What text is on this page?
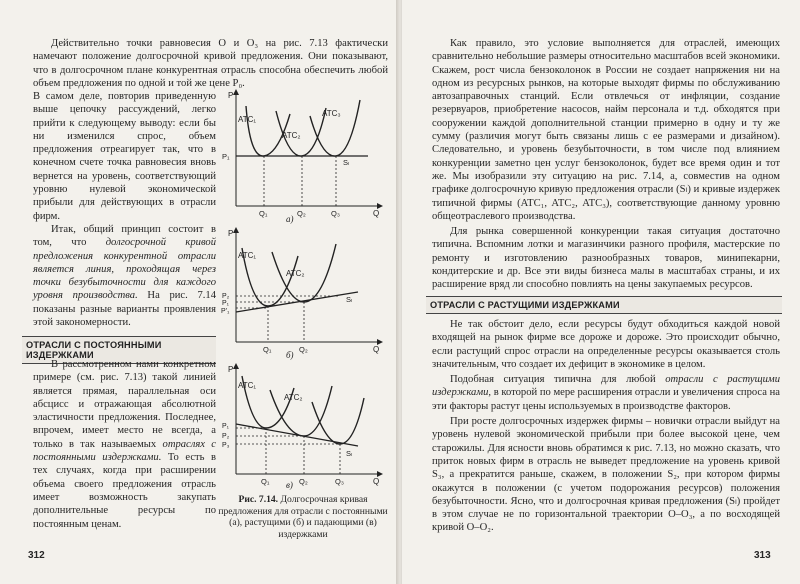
Действительно точки равновесия O и O₃ на рис. 7.13 фактически намечают положение долгосрочной кривой предложения. Они показывают, что в долгосрочном плане конкурентная отрасль способна обеспечить любой объем предложения по одной и той же цене P₀.

В самом деле, повторив приведенную выше цепочку рассуждений, легко прийти к следующему выводу: если бы ни изменился спрос, объем предложения отреагирует так, что в конечном счете точка равновесия вновь вернется на уровень, соответствующий уровню нулевой экономической прибыли для действующих в отрасли фирм.

Итак, общий принцип состоит в том, что долгосрочной кривой предложения конкурентной отрасли является линия, проходящая через точки безубыточности для каждого уровня производства. На рис. 7.14 показаны разные варианты проявления этой закономерности.

ОТРАСЛИ С ПОСТОЯННЫМИ ИЗДЕРЖКАМИ

В рассмотренном нами конкретном примере (см. рис. 7.13) такой линией является прямая, параллельная оси абсцисс и отражающая абсолютной эластичности предложения. Последнее, впрочем, имеет место не всегда, а только в так называемых отраслях с постоянными издержками. То есть в тех случаях, когда при расширении объема своего предложения отрасль имеет возможность закупать дополнительные ресурсы по постоянным ценам.

P
Q
P₁
Sₗ
ATC₁
ATC₂
ATC₃
Q₁	Q₂	Q₃
а)
P
Q
Sₗ
ATC₁
ATC₂
P₂
P₁
P'₁
Q₁	Q₂
б)
P
Q
Sₗ
ATC₁
ATC₂
P₁
P₂
P₃
Q₁	Q₂	Q₃
в)
Рис. 7.14. Долгосрочная кривая предложения для отрасли с постоянными (а), растущими (б) и падающими (в) издержками
312

Как правило, это условие выполняется для отраслей, имеющих сравнительно небольшие размеры относительно масштабов всей экономики. Скажем, рост числа бензоколонок в России не создает напряжения ни на одном из ресурсных рынков, на которые выходят фирмы по обслуживанию автозаправочных станций. Если отвлечься от инфляции, создание резервуаров, приобретение насосов, найм персонала и т.д. обходятся при сооружении каждой дополнительной станции примерно в одну и ту же сумму (различия могут быть связаны лишь с ее размерами и дизайном). Следовательно, и уровень безубыточности, в том числе под влиянием конкуренции заметно цен услуг бензоколонок, будет все время один и тот же. Мы изобразили эту ситуацию на рис. 7.14, а, совместив на одном графике долгосрочную кривую предложения отрасли (Sₗ) и кривые издержек типичной фирмы (ATC₁, ATC₂, ATC₃), соответствующие данному уровню общеотраслевого производства.

Для рынка совершенной конкуренции такая ситуация достаточно типична. Вспомним лотки и магазинчики разного профиля, мастерские по ремонту и изготовлению разнообразных товаров, минипекарни, кондитерские и др. Все эти виды бизнеса малы в масштабах страны, и их расширение вряд ли способно повлиять на цены закупаемых ресурсов.

ОТРАСЛИ С РАСТУЩИМИ ИЗДЕРЖКАМИ

Не так обстоит дело, если ресурсы будут обходиться каждой новой входящей на рынок фирме все дороже и дороже. Это происходит обычно, если растущий спрос отрасли на определенные ресурсы оказывается столь значительным, что создает их дефицит в экономике в целом.

Подобная ситуация типична для любой отрасли с растущими издержками, в которой по мере расширения отрасли и увеличения спроса на эти факторы растут цены используемых в производстве факторов.

При росте долгосрочных издержек фирмы – новички отрасли выйдут на уровень нулевой экономической прибыли при более высокой цене, чем старожилы. Для ясности вновь обратимся к рис. 7.13, но можно сказать, что приток новых фирм в отрасль не выведет предложение на уровень кривой S₃, а прекратится раньше, скажем, в положении S₂, при котором фирмы окажутся в положении (с учетом подорожания ресурсов) положения безубыточности. Ясно, что и долгосрочная кривая предложения (Sₗ) пройдет в этом случае не по горизонтальной траектории O–O₃, а по восходящей кривой O–O₂.

313
